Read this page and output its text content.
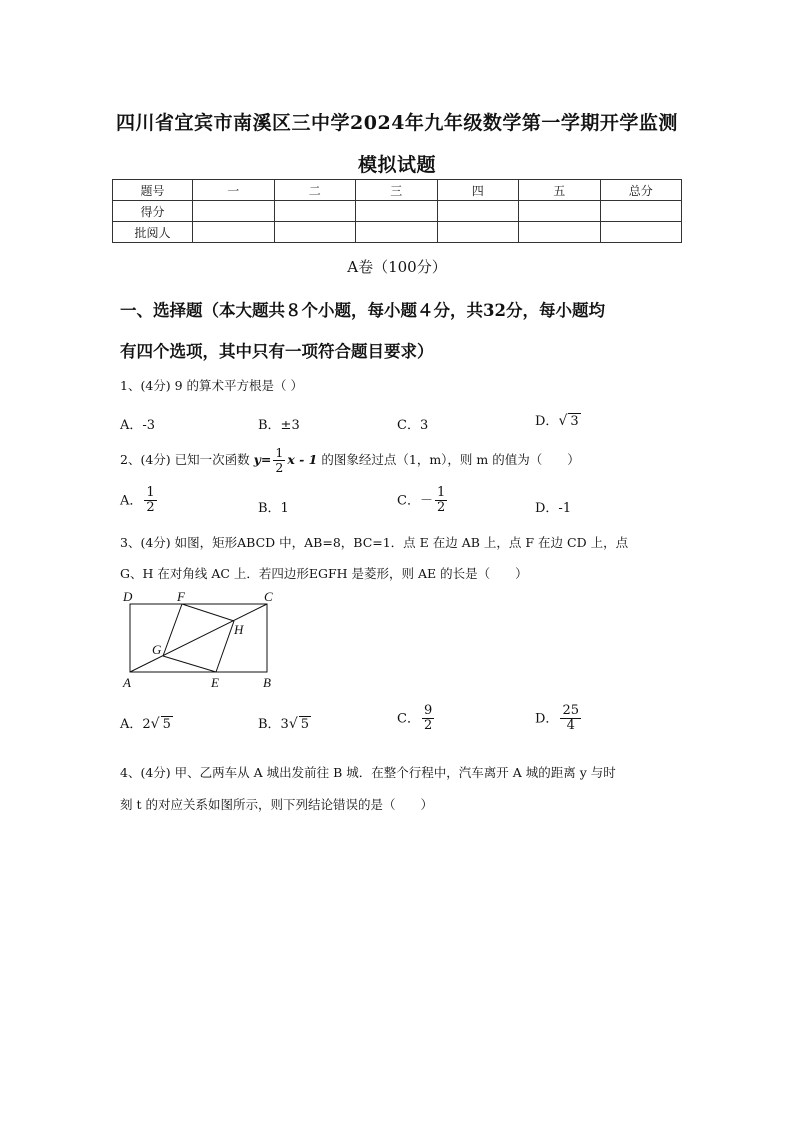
四川省宜宾市南溪区三中学2024年九年级数学第一学期开学监测
模拟试题
题号	一	二	三	四	五	总分
得分						
批阅人						
A卷（100分）
一、选择题（本大题共８个小题，每小题４分，共32分，每小题均
有四个选项，其中只有一项符合题目要求）
1、(4分) 9 的算术平方根是（ ）
A．-3	B．±3	C．3	D．√ 3
2、(4分) 已知一次函数 $y= \frac{1}{2}$ x - 1 的图象经过点（1，m），则 m 的值为（　　）
A． $\frac{1}{2}$	B．1
C．－ $\frac{1}{2}$	D．-1
3、(4分) 如图，矩形ABCD 中，AB=8，BC=1．点 E 在边 AB 上，点 F 在边 CD 上，点
G、H 在对角线 AC 上．若四边形EGFH 是菱形，则 AE 的长是（　　）
D	F	C
H
G
A	E	B
A．2√ 5	B．3√ 5	C． $\frac{9}{2}$	D． $\frac{25}{4}$
4、(4分) 甲、乙两车从 A 城出发前往 B 城．在整个行程中，汽车离开 A 城的距离 y 与时
刻 t 的对应关系如图所示，则下列结论错误的是（　　）
